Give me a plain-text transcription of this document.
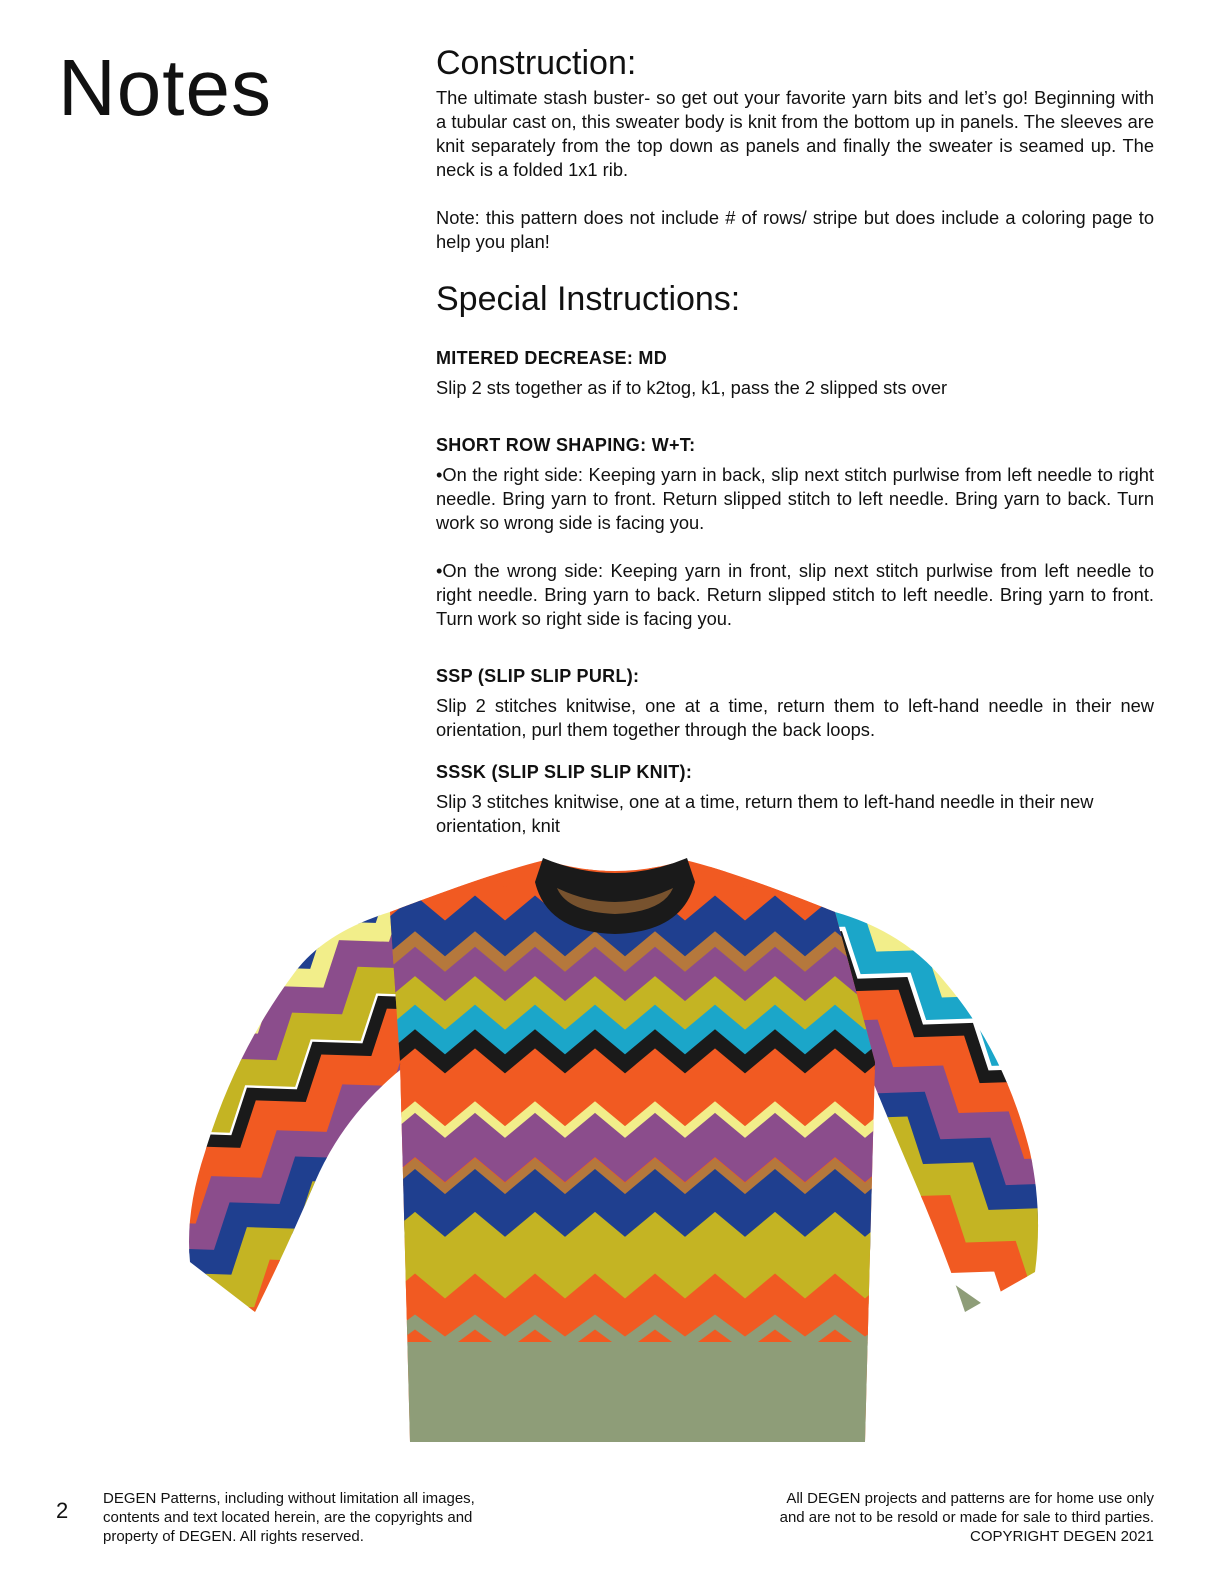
Notes	Construction:

The ultimate stash buster- so get out your favorite yarn bits and let’s go! Beginning with a tubular cast on, this sweater body is knit from the bottom up in panels. The sleeves are knit separately from the top down as panels and finally the sweater is seamed up. The neck is a folded 1x1 rib.

Note: this pattern does not include # of rows/ stripe but does include a coloring page to help you plan!

Special Instructions:

MITERED DECREASE: MD

Slip 2 sts together as if to k2tog, k1, pass the 2 slipped sts over

SHORT ROW SHAPING: W+T:

•On the right side: Keeping yarn in back, slip next stitch purlwise from left needle to right needle. Bring yarn to front. Return slipped stitch to left needle. Bring yarn to back. Turn work so wrong side is facing you.

•On the wrong side: Keeping yarn in front, slip next stitch purlwise from left needle to right needle. Bring yarn to back. Return slipped stitch to left needle. Bring yarn to front. Turn work so right side is facing you.

SSP (SLIP SLIP PURL):

Slip 2 stitches knitwise, one at a time, return them to left-hand needle in their new orientation, purl them together through the back loops.

SSSK (SLIP SLIP SLIP KNIT):

Slip 3 stitches knitwise, one at a time, return them to left-hand needle in their new orientation, knit

2 DEGEN Patterns, including without limitation all images,
contents and text located herein, are the copyrights and
property of DEGEN. All rights reserved.
All DEGEN projects and patterns are for home use only
and are not to be resold or made for sale to third parties.
COPYRIGHT DEGEN 2021
